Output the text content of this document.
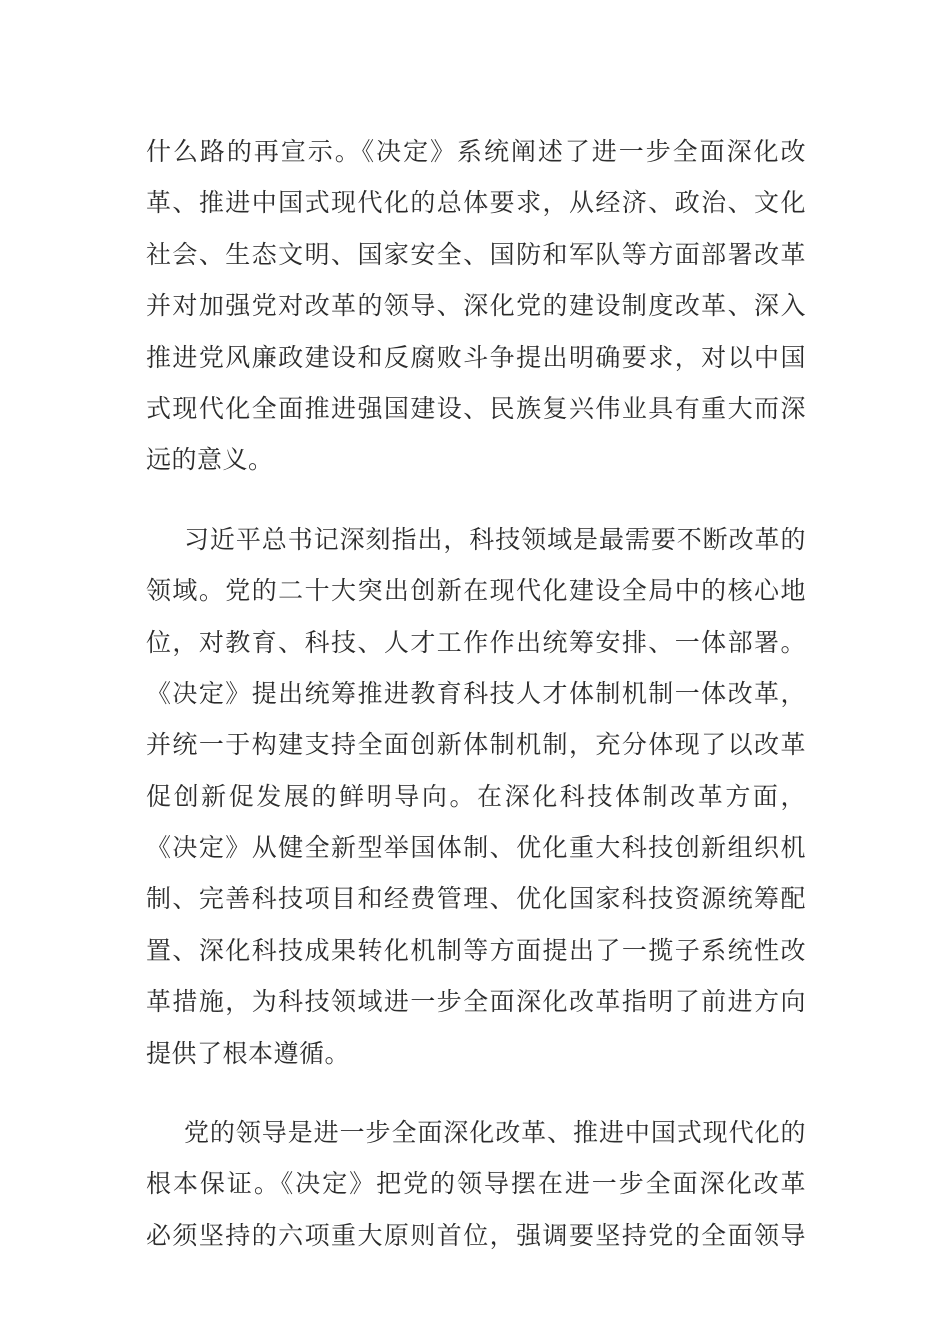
什么路的再宣示。《决定》系统阐述了进一步全面深化改
革、推进中国式现代化的总体要求，从经济、政治、文化
社会、生态文明、国家安全、国防和军队等方面部署改革
并对加强党对改革的领导、深化党的建设制度改革、深入
推进党风廉政建设和反腐败斗争提出明确要求，对以中国
式现代化全面推进强国建设、民族复兴伟业具有重大而深
远的意义。
习近平总书记深刻指出，科技领域是最需要不断改革的
领域。党的二十大突出创新在现代化建设全局中的核心地
位，对教育、科技、人才工作作出统筹安排、一体部署。
《决定》提出统筹推进教育科技人才体制机制一体改革，
并统一于构建支持全面创新体制机制，充分体现了以改革
促创新促发展的鲜明导向。在深化科技体制改革方面，
《决定》从健全新型举国体制、优化重大科技创新组织机
制、完善科技项目和经费管理、优化国家科技资源统筹配
置、深化科技成果转化机制等方面提出了一揽子系统性改
革措施，为科技领域进一步全面深化改革指明了前进方向
提供了根本遵循。
党的领导是进一步全面深化改革、推进中国式现代化的
根本保证。《决定》把党的领导摆在进一步全面深化改革
必须坚持的六项重大原则首位，强调要坚持党的全面领导
